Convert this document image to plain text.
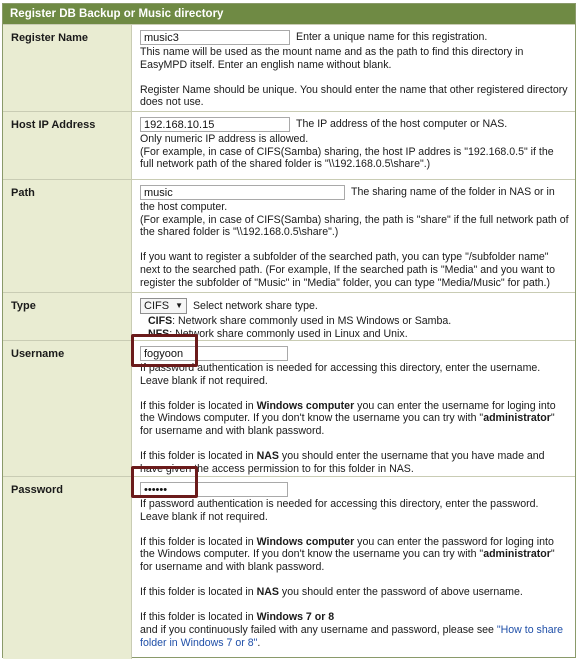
Register DB Backup or Music directory
Register Name
music3	Enter a unique name for this registration.
This name will be used as the mount name and as the path to find this directory in EasyMPD itself. Enter an english name without blank.
Register Name should be unique. You should enter the name that other registered directory does not use.
Host IP Address
192.168.10.15	The IP address of the host computer or NAS.
Only numeric IP address is allowed.
(For example, in case of CIFS(Samba) sharing, the host IP addres is "192.168.0.5" if the full network path of the shared folder is "\\192.168.0.5\share".)
Path
music	The sharing name of the folder in NAS or in
the host computer.
(For example, in case of CIFS(Samba) sharing, the path is "share" if the full network path of the shared folder is "\\192.168.0.5\share".)
If you want to register a subfolder of the searched path, you can type "/subfolder name" next to the searched path. (For example, If the searched path is "Media" and you want to register the subfolder of "Music" in "Media" folder, you can type "Media/Music" for path.)
Type	CIFS ▼ Select network share type.
CIFS: Network share commonly used in MS Windows or Samba.
NFS: Network share commonly used in Linux and Unix.
Username
fogyoon
If password authentication is needed for accessing this directory, enter the username. Leave blank if not required.
If this folder is located in Windows computer you can enter the username for loging into the Windows computer. If you don't know the username you can try with "administrator" for username and with blank password.
If this folder is located in NAS you should enter the username that you have made and have given the access permission to for this folder in NAS.
Password
••••••
If password authentication is needed for accessing this directory, enter the password. Leave blank if not required.
If this folder is located in Windows computer you can enter the password for loging into the Windows computer. If you don't know the username you can try with "administrator" for username and with blank password.
If this folder is located in NAS you should enter the password of above username.
If this folder is located in Windows 7 or 8
and if you continuously failed with any username and password, please see "How to share folder in Windows 7 or 8".
